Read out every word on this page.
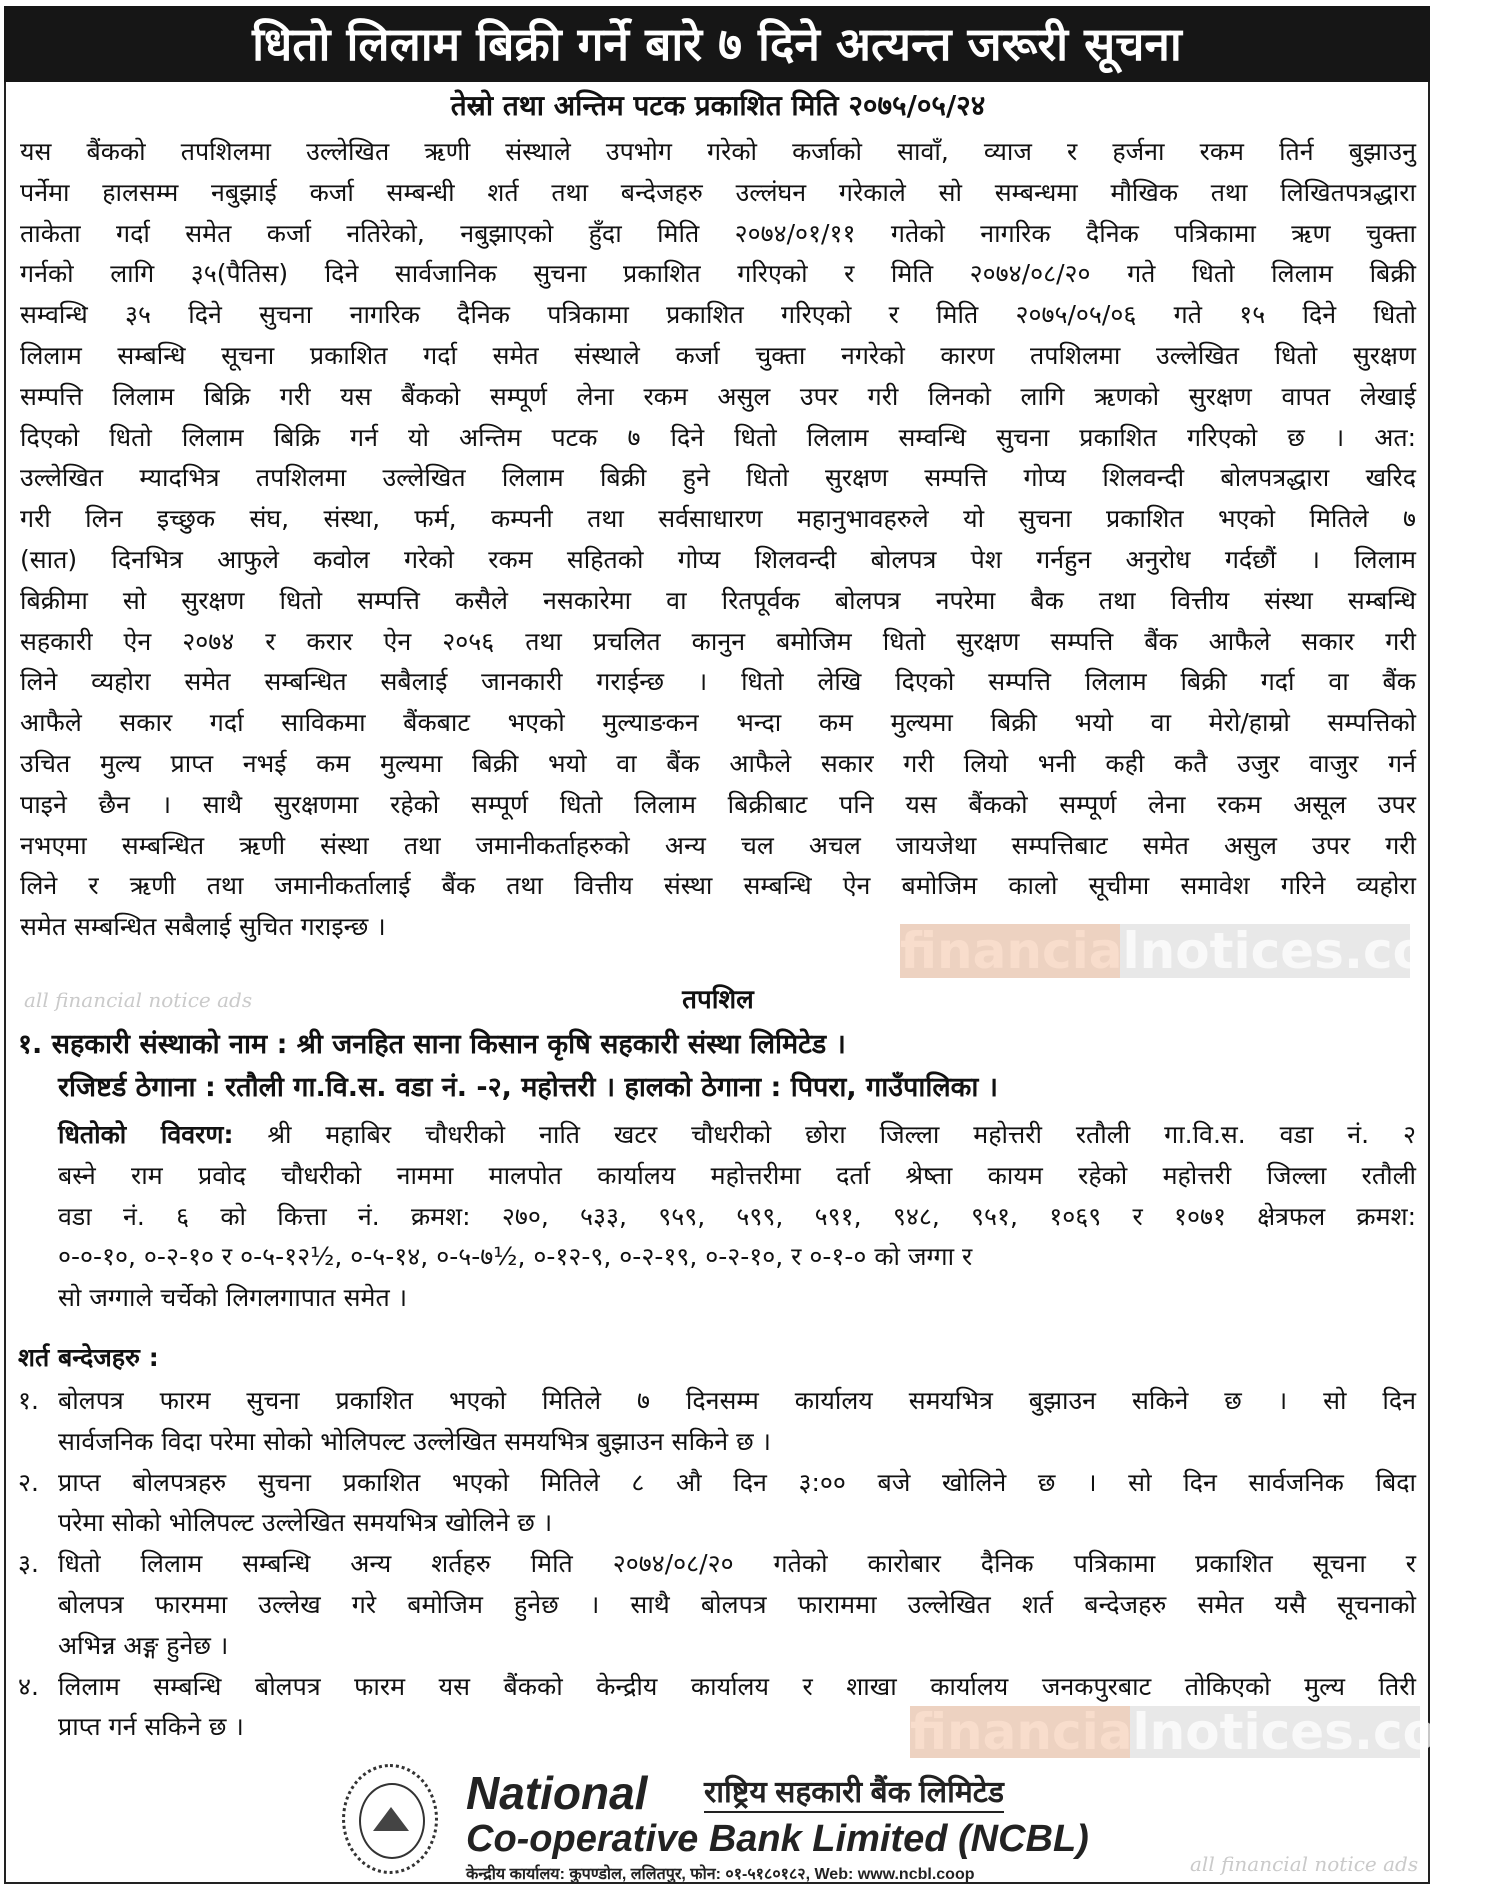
धितो लिलाम बिक्री गर्ने बारे ७ दिने अत्यन्त जरूरी सूचना
तेस्रो तथा अन्तिम पटक प्रकाशित मिति २०७५/०५/२४
यस बैंकको तपशिलमा उल्लेखित ऋणी संस्थाले उपभोग गरेको कर्जाको सावाँ, व्याज र हर्जना रकम तिर्न बुझाउनु
पर्नेमा हालसम्म नबुझाई कर्जा सम्बन्धी शर्त तथा बन्देजहरु उल्लंघन गरेकाले सो सम्बन्धमा मौखिक तथा लिखितपत्रद्धारा
ताकेता गर्दा समेत कर्जा नतिरेको, नबुझाएको हुँदा मिति २०७४/०१/११ गतेको नागरिक दैनिक पत्रिकामा ऋण चुक्ता
गर्नको लागि ३५(पैतिस) दिने सार्वजानिक सुचना प्रकाशित गरिएको र मिति २०७४/०८/२० गते धितो लिलाम बिक्री
सम्वन्धि ३५ दिने सुचना नागरिक दैनिक पत्रिकामा प्रकाशित गरिएको र मिति २०७५/०५/०६ गते १५ दिने धितो
लिलाम सम्बन्धि सूचना प्रकाशित गर्दा समेत संस्थाले कर्जा चुक्ता नगरेको कारण तपशिलमा उल्लेखित धितो सुरक्षण
सम्पत्ति लिलाम बिक्रि गरी यस बैंकको सम्पूर्ण लेना रकम असुल उपर गरी लिनको लागि ऋणको सुरक्षण वापत लेखाई
दिएको धितो लिलाम बिक्रि गर्न यो अन्तिम पटक ७ दिने धितो लिलाम सम्वन्धि सुचना प्रकाशित गरिएको छ । अत:
उल्लेखित म्यादभित्र तपशिलमा उल्लेखित लिलाम बिक्री हुने धितो सुरक्षण सम्पत्ति गोप्य शिलवन्दी बोलपत्रद्धारा खरिद
गरी लिन इच्छुक संघ, संस्था, फर्म, कम्पनी तथा सर्वसाधारण महानुभावहरुले यो सुचना प्रकाशित भएको मितिले ७
(सात) दिनभित्र आफुले कवोल गरेको रकम सहितको गोप्य शिलवन्दी बोलपत्र पेश गर्नहुन अनुरोध गर्दछौं । लिलाम
बिक्रीमा सो सुरक्षण धितो सम्पत्ति कसैले नसकारेमा वा रितपूर्वक बोलपत्र नपरेमा बैक तथा वित्तीय संस्था सम्बन्धि
सहकारी ऐन २०७४ र करार ऐन २०५६ तथा प्रचलित कानुन बमोजिम धितो सुरक्षण सम्पत्ति बैंक आफैले सकार गरी
लिने व्यहोरा समेत सम्बन्धित सबैलाई जानकारी गराईन्छ । धितो लेखि दिएको सम्पत्ति लिलाम बिक्री गर्दा वा बैंक
आफैले सकार गर्दा साविकमा बैंकबाट भएको मुल्याङकन भन्दा कम मुल्यमा बिक्री भयो वा मेरो/हाम्रो सम्पत्तिको
उचित मुल्य प्राप्त नभई कम मुल्यमा बिक्री भयो वा बैंक आफैले सकार गरी लियो भनी कही कतै उजुर वाजुर गर्न
पाइने छैन । साथै सुरक्षणमा रहेको सम्पूर्ण धितो लिलाम बिक्रीबाट पनि यस बैंकको सम्पूर्ण लेना रकम असूल उपर
नभएमा सम्बन्धित ऋणी संस्था तथा जमानीकर्ताहरुको अन्य चल अचल जायजेथा सम्पत्तिबाट समेत असुल उपर गरी
लिने र ऋणी तथा जमानीकर्तालाई बैंक तथा वित्तीय संस्था सम्बन्धि ऐन बमोजिम कालो सूचीमा समावेश गरिने व्यहोरा
समेत सम्बन्धित सबैलाई सुचित गराइन्छ ।	financialnotices.com
all financial notice ads	तपशिल
१. सहकारी संस्थाको नाम : श्री जनहित साना किसान कृषि सहकारी संस्था लिमिटेड ।
रजिष्टर्ड ठेगाना : रतौली गा.वि.स. वडा नं. -२, महोत्तरी । हालको ठेगाना : पिपरा, गाउँपालिका ।
धितोको विवरण: श्री महाबिर चौधरीको नाति खटर चौधरीको छोरा जिल्ला महोत्तरी रतौली गा.वि.स. वडा नं. २
बस्ने राम प्रवोद चौधरीको नाममा मालपोत कार्यालय महोत्तरीमा दर्ता श्रेष्ता कायम रहेको महोत्तरी जिल्ला रतौली
वडा नं. ६ को कित्ता नं. क्रमश: २७०, ५३३, ९५९, ५९९, ५९१, ९४८, ९५१, १०६९ र १०७१ क्षेत्रफल क्रमश:
०-०-१०, ०-२-१० र ०-५-१२½, ०-५-१४, ०-५-७½, ०-१२-९, ०-२-१९, ०-२-१०, र ०-१-० को जग्गा र
सो जग्गाले चर्चेको लिगलगापात समेत ।
शर्त बन्देजहरु :
१. बोलपत्र फारम सुचना प्रकाशित भएको मितिले ७ दिनसम्म कार्यालय समयभित्र बुझाउन सकिने छ । सो दिन
सार्वजनिक विदा परेमा सोको भोलिपल्ट उल्लेखित समयभित्र बुझाउन सकिने छ ।
२. प्राप्त बोलपत्रहरु सुचना प्रकाशित भएको मितिले ८ औ दिन ३:०० बजे खोलिने छ । सो दिन सार्वजनिक बिदा
परेमा सोको भोलिपल्ट उल्लेखित समयभित्र खोलिने छ ।
३. धितो लिलाम सम्बन्धि अन्य शर्तहरु मिति २०७४/०८/२० गतेको कारोबार दैनिक पत्रिकामा प्रकाशित सूचना र
बोलपत्र फारममा उल्लेख गरे बमोजिम हुनेछ । साथै बोलपत्र फाराममा उल्लेखित शर्त बन्देजहरु समेत यसै सूचनाको
अभिन्न अङ्ग हुनेछ ।
४. लिलाम सम्बन्धि बोलपत्र फारम यस बैंकको केन्द्रीय कार्यालय र शाखा कार्यालय जनकपुरबाट तोकिएको मुल्य तिरी
प्राप्त गर्न सकिने छ ।	financialnotices.com
National राष्ट्रिय सहकारी बैंक लिमिटेड
Co-operative Bank Limited (NCBL)
केन्द्रीय कार्यालय: कुपण्डोल, ललितपुर, फोन: ०१-५१८०१८२, Web: www.ncbl.coop	all financial notice ads
